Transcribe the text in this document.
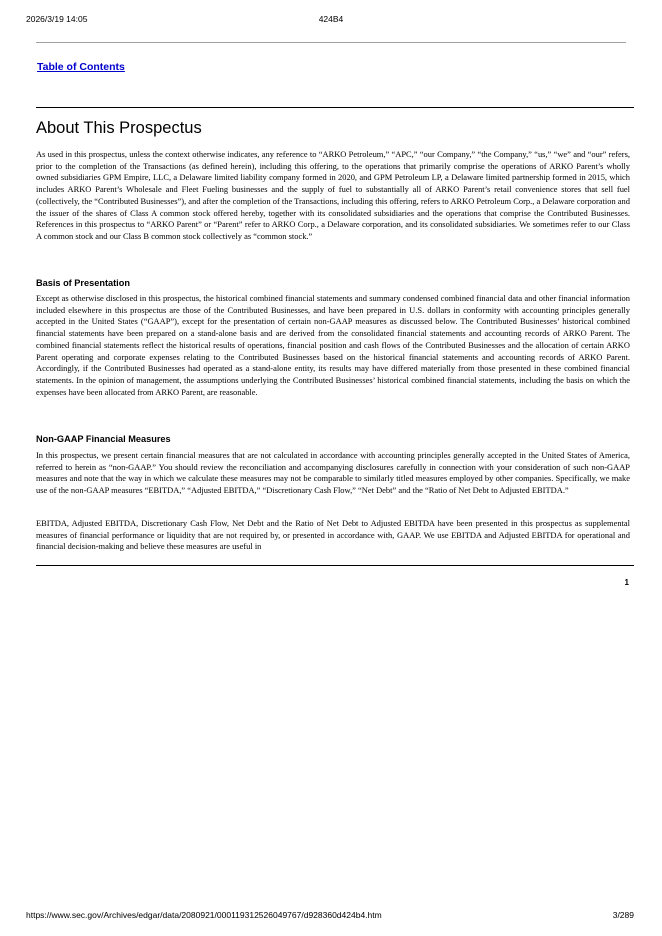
2026/3/19 14:05	424B4
Table of Contents
About This Prospectus

As used in this prospectus, unless the context otherwise indicates, any reference to “ARKO Petroleum,” “APC,” “our Company,” “the Company,” “us,” “we” and “our” refers, prior to the completion of the Transactions (as defined herein), including this offering, to the operations that primarily comprise the operations of ARKO Parent’s wholly owned subsidiaries GPM Empire, LLC, a Delaware limited liability company formed in 2020, and GPM Petroleum LP, a Delaware limited partnership formed in 2015, which includes ARKO Parent’s Wholesale and Fleet Fueling businesses and the supply of fuel to substantially all of ARKO Parent’s retail convenience stores that sell fuel (collectively, the “Contributed Businesses”), and after the completion of the Transactions, including this offering, refers to ARKO Petroleum Corp., a Delaware corporation and the issuer of the shares of Class A common stock offered hereby, together with its consolidated subsidiaries and the operations that comprise the Contributed Businesses. References in this prospectus to “ARKO Parent” or “Parent” refer to ARKO Corp., a Delaware corporation, and its consolidated subsidiaries. We sometimes refer to our Class A common stock and our Class B common stock collectively as “common stock.”

Basis of Presentation

Except as otherwise disclosed in this prospectus, the historical combined financial statements and summary condensed combined financial data and other financial information included elsewhere in this prospectus are those of the Contributed Businesses, and have been prepared in U.S. dollars in conformity with accounting principles generally accepted in the United States (“GAAP”), except for the presentation of certain non-GAAP measures as discussed below. The Contributed Businesses’ historical combined financial statements have been prepared on a stand-alone basis and are derived from the consolidated financial statements and accounting records of ARKO Parent. The combined financial statements reflect the historical results of operations, financial position and cash flows of the Contributed Businesses and the allocation of certain ARKO Parent operating and corporate expenses relating to the Contributed Businesses based on the historical financial statements and accounting records of ARKO Parent. Accordingly, if the Contributed Businesses had operated as a stand-alone entity, its results may have differed materially from those presented in these combined financial statements. In the opinion of management, the assumptions underlying the Contributed Businesses’ historical combined financial statements, including the basis on which the expenses have been allocated from ARKO Parent, are reasonable.

Non-GAAP Financial Measures

In this prospectus, we present certain financial measures that are not calculated in accordance with accounting principles generally accepted in the United States of America, referred to herein as “non-GAAP.” You should review the reconciliation and accompanying disclosures carefully in connection with your consideration of such non-GAAP measures and note that the way in which we calculate these measures may not be comparable to similarly titled measures employed by other companies. Specifically, we make use of the non-GAAP measures “EBITDA,” “Adjusted EBITDA,” “Discretionary Cash Flow,” “Net Debt” and the “Ratio of Net Debt to Adjusted EBITDA.”

EBITDA, Adjusted EBITDA, Discretionary Cash Flow, Net Debt and the Ratio of Net Debt to Adjusted EBITDA have been presented in this prospectus as supplemental measures of financial performance or liquidity that are not required by, or presented in accordance with, GAAP. We use EBITDA and Adjusted EBITDA for operational and financial decision-making and believe these measures are useful in

1
https://www.sec.gov/Archives/edgar/data/2080921/000119312526049767/d928360d424b4.htm	3/289
